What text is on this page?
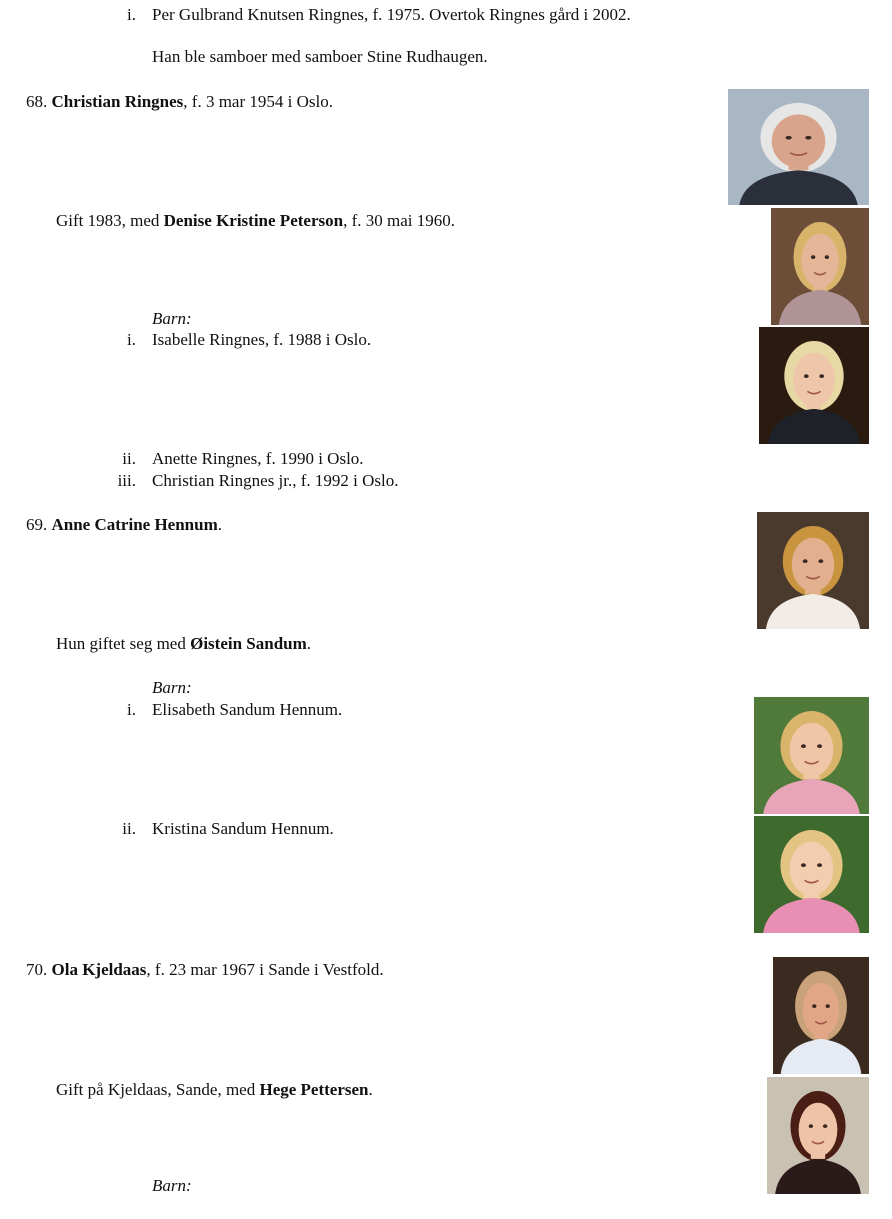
i. Per Gulbrand Knutsen Ringnes, f. 1975. Overtok Ringnes gård i 2002.
Han ble samboer med samboer Stine Rudhaugen.
68. Christian Ringnes, f. 3 mar 1954 i Oslo.
Gift 1983, med Denise Kristine Peterson, f. 30 mai 1960.
Barn:
i. Isabelle Ringnes, f. 1988 i Oslo.
ii. Anette Ringnes, f. 1990 i Oslo.
iii. Christian Ringnes jr., f. 1992 i Oslo.
69. Anne Catrine Hennum.
Hun giftet seg med Øistein Sandum.
Barn:
i. Elisabeth Sandum Hennum.
ii. Kristina Sandum Hennum.
70. Ola Kjeldaas, f. 23 mar 1967 i Sande i Vestfold.
Gift på Kjeldaas, Sande, med Hege Pettersen.
Barn:
